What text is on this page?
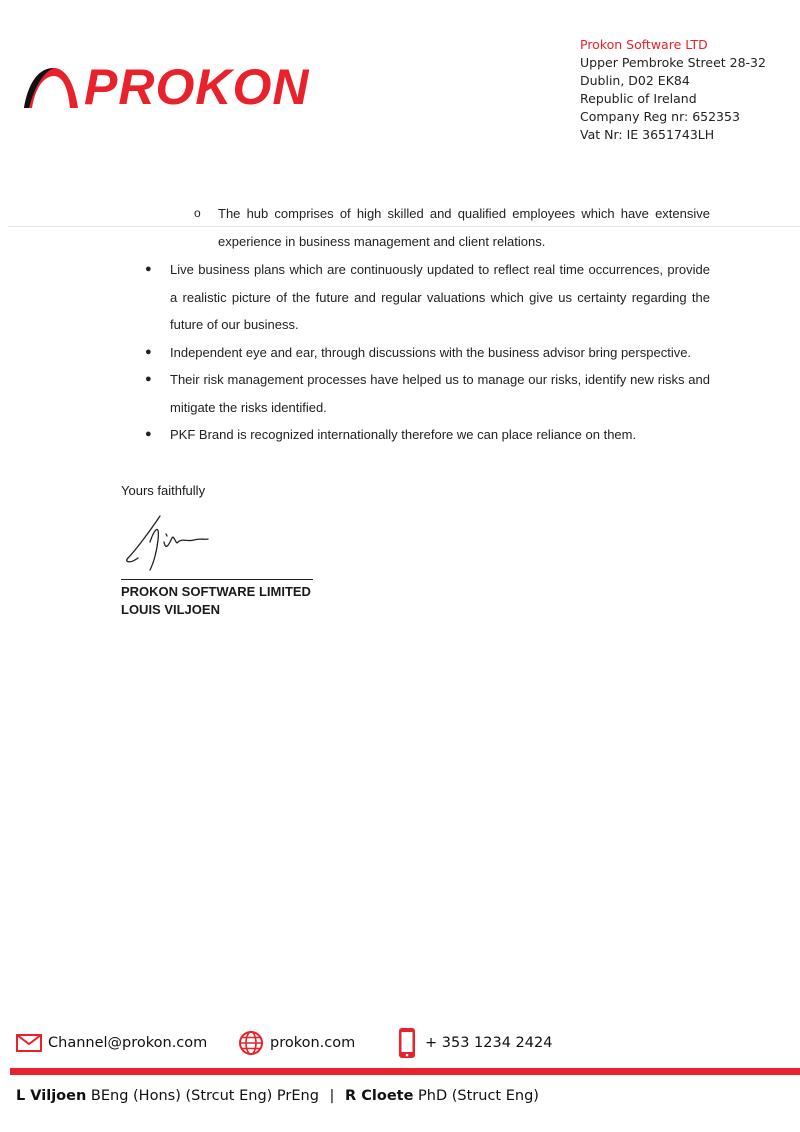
PROKON
Prokon Software LTD
Upper Pembroke Street 28-32
Dublin, D02 EK84
Republic of Ireland
Company Reg nr: 652353
Vat Nr: IE 3651743LH
o The hub comprises of high skilled and qualified employees which have extensive experience in business management and client relations.
● Live business plans which are continuously updated to reflect real time occurrences, provide a realistic picture of the future and regular valuations which give us certainty regarding the future of our business.
● Independent eye and ear, through discussions with the business advisor bring perspective.
● Their risk management processes have helped us to manage our risks, identify new risks and mitigate the risks identified.
● PKF Brand is recognized internationally therefore we can place reliance on them.
Yours faithfully
PROKON SOFTWARE LIMITED
LOUIS VILJOEN
Channel@prokon.com	prokon.com	+ 353 1234 2424
L Viljoen BEng (Hons) (Strcut Eng) PrEng | R Cloete PhD (Struct Eng)
